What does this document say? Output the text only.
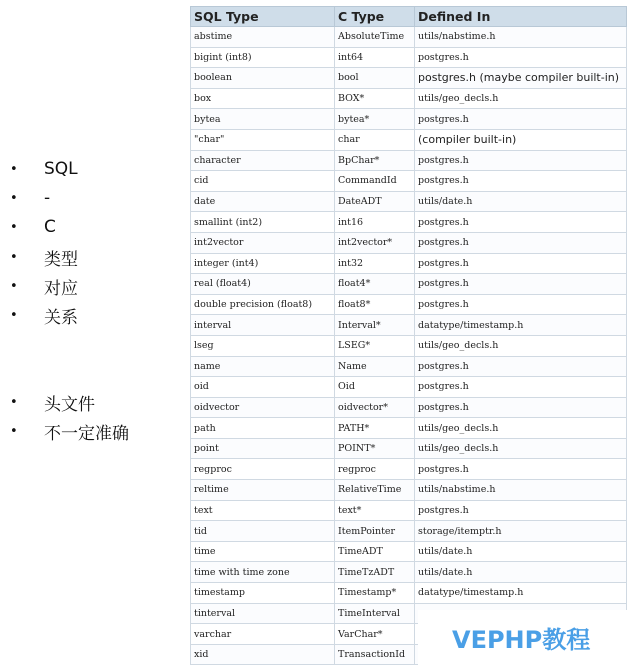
•	SQL
•	-
•	C
•	类型
•	对应
•	关系
•	头文件
•	不一定准确
SQL Type	C Type	Defined In
abstime	AbsoluteTime	utils/nabstime.h
bigint (int8)	int64	postgres.h
boolean	bool	postgres.h (maybe compiler built-in)
box	BOX*	utils/geo_decls.h
bytea	bytea*	postgres.h
"char"	char	(compiler built-in)
character	BpChar*	postgres.h
cid	CommandId	postgres.h
date	DateADT	utils/date.h
smallint (int2)	int16	postgres.h
int2vector	int2vector*	postgres.h
integer (int4)	int32	postgres.h
real (float4)	float4*	postgres.h
double precision (float8)	float8*	postgres.h
interval	Interval*	datatype/timestamp.h
lseg	LSEG*	utils/geo_decls.h
name	Name	postgres.h
oid	Oid	postgres.h
oidvector	oidvector*	postgres.h
path	PATH*	utils/geo_decls.h
point	POINT*	utils/geo_decls.h
regproc	regproc	postgres.h
reltime	RelativeTime	utils/nabstime.h
text	text*	postgres.h
tid	ItemPointer	storage/itemptr.h
time	TimeADT	utils/date.h
time with time zone	TimeTzADT	utils/date.h
timestamp	Timestamp*	datatype/timestamp.h
tinterval	TimeInterval	
varchar	VarChar*	
xid	TransactionId	
VEPHP教程
